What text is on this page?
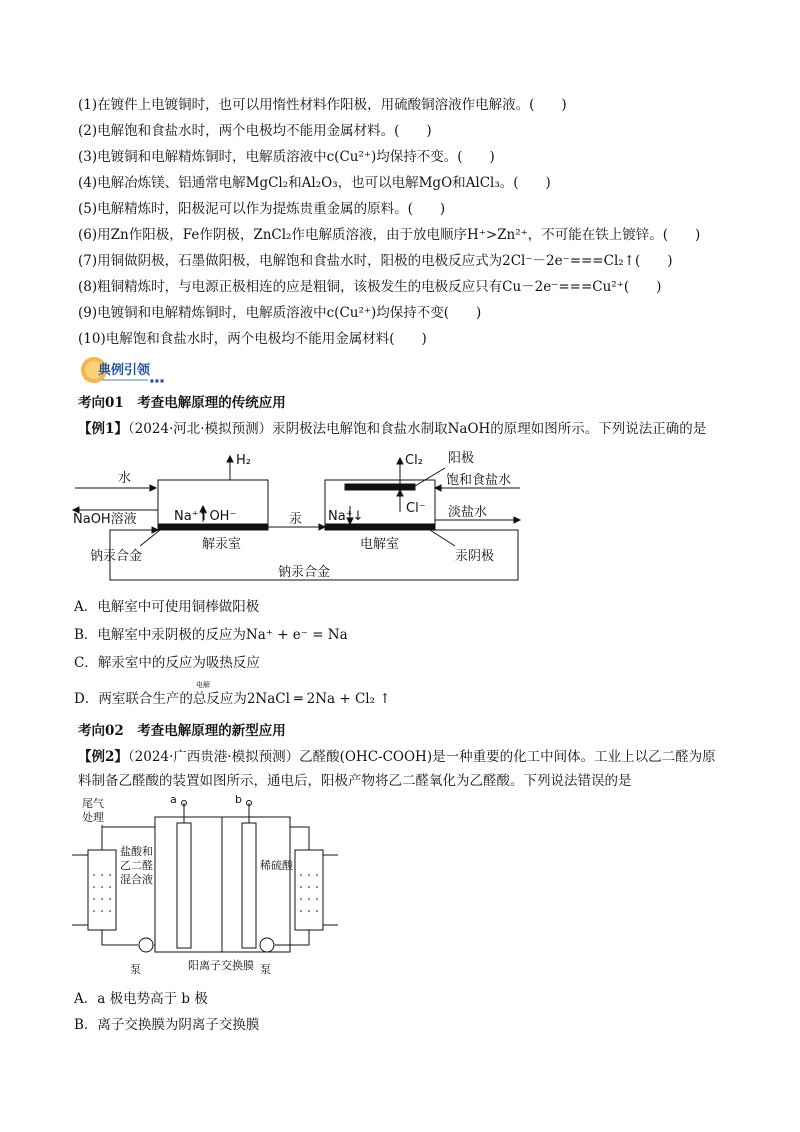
(1)在镀件上电镀铜时，也可以用惰性材料作阳极，用硫酸铜溶液作电解液。(　　)
(2)电解饱和食盐水时，两个电极均不能用金属材料。(　　)
(3)电镀铜和电解精炼铜时，电解质溶液中c(Cu²⁺)均保持不变。(　　)
(4)电解冶炼镁、铝通常电解MgCl₂和Al₂O₃，也可以电解MgO和AlCl₃。(　　)
(5)电解精炼时，阳极泥可以作为提炼贵重金属的原料。(　　)
(6)用Zn作阳极，Fe作阴极，ZnCl₂作电解质溶液，由于放电顺序H⁺>Zn²⁺，不可能在铁上镀锌。(　　)
(7)用铜做阴极，石墨做阳极，电解饱和食盐水时，阳极的电极反应式为2Cl⁻－2e⁻===Cl₂↑(　　)
(8)粗铜精炼时，与电源正极相连的应是粗铜，该极发生的电极反应只有Cu－2e⁻===Cu²⁺(　　)
(9)电镀铜和电解精炼铜时，电解质溶液中c(Cu²⁺)均保持不变(　　)
(10)电解饱和食盐水时，两个电极均不能用金属材料(　　)
典例引领
■ ■ ■
考向01　考查电解原理的传统应用
【例1】（2024·河北·模拟预测）汞阴极法电解饱和食盐水制取NaOH的原理如图所示。下列说法正确的是
水
H₂
NaOH溶液	Na⁺↑OH⁻	汞 Na⁺↓
Cl₂
Cl⁻
阳极
饱和食盐水
淡盐水
钠汞合金
解汞室	电解室
汞阴极
钠汞合金
A．电解室中可使用铜棒做阳极
B．电解室中汞阴极的反应为Na⁺ + e⁻ = Na
C．解汞室中的反应为吸热反应
D．两室联合生产的总反应为2NaCl ═ 2Na + Cl₂ ↑
电解
考向02　考查电解原理的新型应用
【例2】（2024·广西贵港·模拟预测）乙醛酸(OHC-COOH)是一种重要的化工中间体。工业上以乙二醛为原
料制备乙醛酸的装置如图所示，通电后，阳极产物将乙二醛氧化为乙醛酸。下列说法错误的是
尾气
处理
a	b
盐酸和
乙二醛
混合液
稀硫酸
阳离子交换膜
泵	泵
A．a 极电势高于 b 极
B．离子交换膜为阴离子交换膜
